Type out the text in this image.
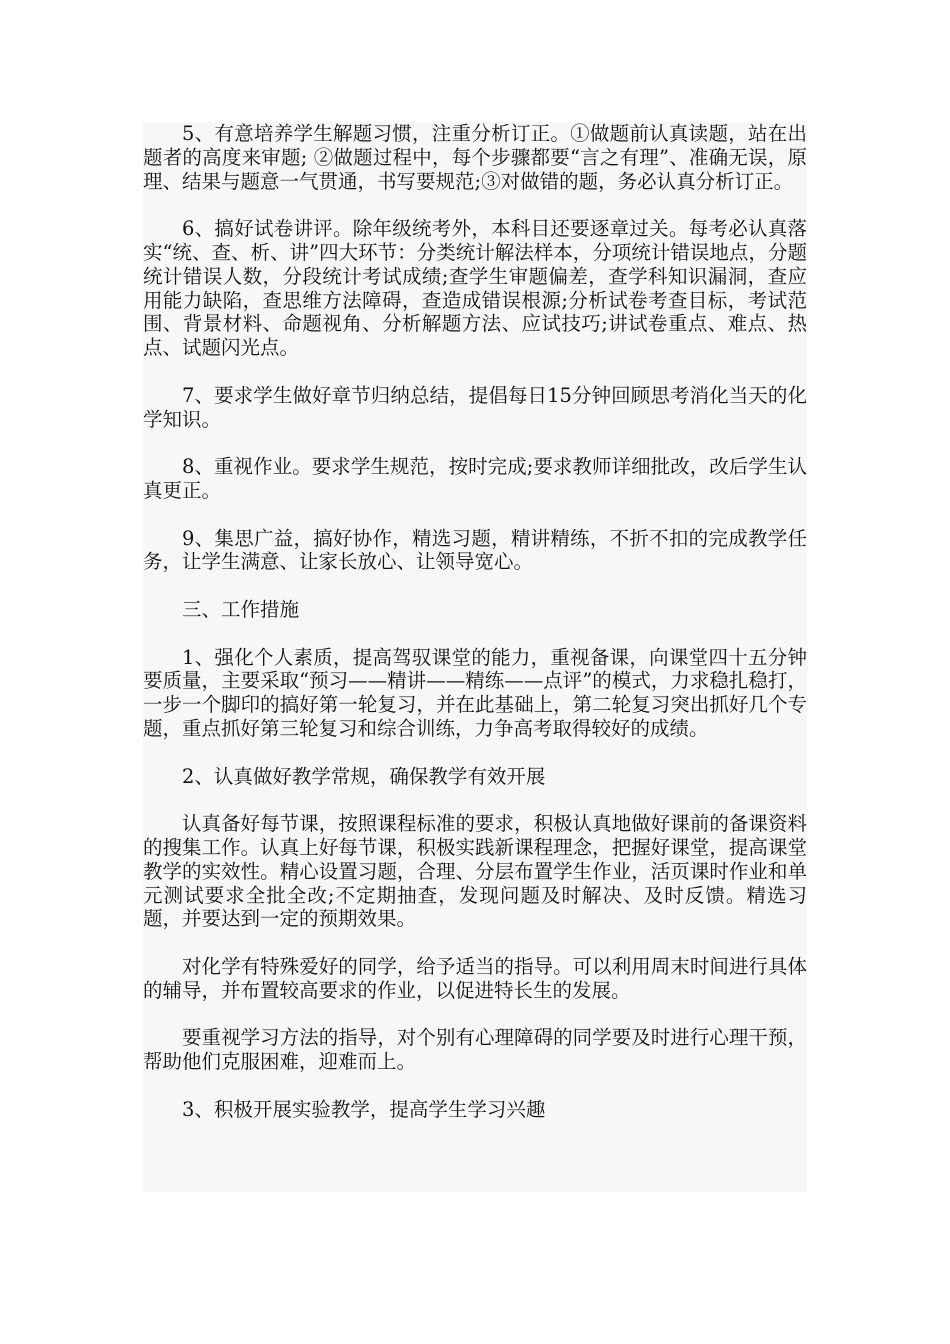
5、有意培养学生解题习惯，注重分析订正。①做题前认真读题，站在出题者的高度来审题; ②做题过程中，每个步骤都要“言之有理”、准确无误，原理、结果与题意一气贯通，书写要规范;③对做错的题，务必认真分析订正。

6、搞好试卷讲评。除年级统考外，本科目还要逐章过关。每考必认真落实“统、查、析、讲”四大环节：分类统计解法样本，分项统计错误地点，分题统计错误人数，分段统计考试成绩;查学生审题偏差，查学科知识漏洞，查应用能力缺陷，查思维方法障碍，查造成错误根源;分析试卷考查目标，考试范围、背景材料、命题视角、分析解题方法、应试技巧;讲试卷重点、难点、热点、试题闪光点。

7、要求学生做好章节归纳总结，提倡每日15分钟回顾思考消化当天的化学知识。

8、重视作业。要求学生规范，按时完成;要求教师详细批改，改后学生认真更正。

9、集思广益，搞好协作，精选习题，精讲精练，不折不扣的完成教学任务，让学生满意、让家长放心、让领导宽心。

三、工作措施

1、强化个人素质，提高驾驭课堂的能力，重视备课，向课堂四十五分钟要质量，主要采取“预习——精讲——精练——点评”的模式，力求稳扎稳打，一步一个脚印的搞好第一轮复习，并在此基础上，第二轮复习突出抓好几个专题，重点抓好第三轮复习和综合训练，力争高考取得较好的成绩。

2、认真做好教学常规，确保教学有效开展

认真备好每节课，按照课程标准的要求，积极认真地做好课前的备课资料的搜集工作。认真上好每节课，积极实践新课程理念，把握好课堂，提高课堂教学的实效性。精心设置习题，合理、分层布置学生作业，活页课时作业和单元测试要求全批全改;不定期抽查，发现问题及时解决、及时反馈。精选习题，并要达到一定的预期效果。

对化学有特殊爱好的同学，给予适当的指导。可以利用周末时间进行具体的辅导，并布置较高要求的作业，以促进特长生的发展。

要重视学习方法的指导，对个别有心理障碍的同学要及时进行心理干预，帮助他们克服困难，迎难而上。

3、积极开展实验教学，提高学生学习兴趣
